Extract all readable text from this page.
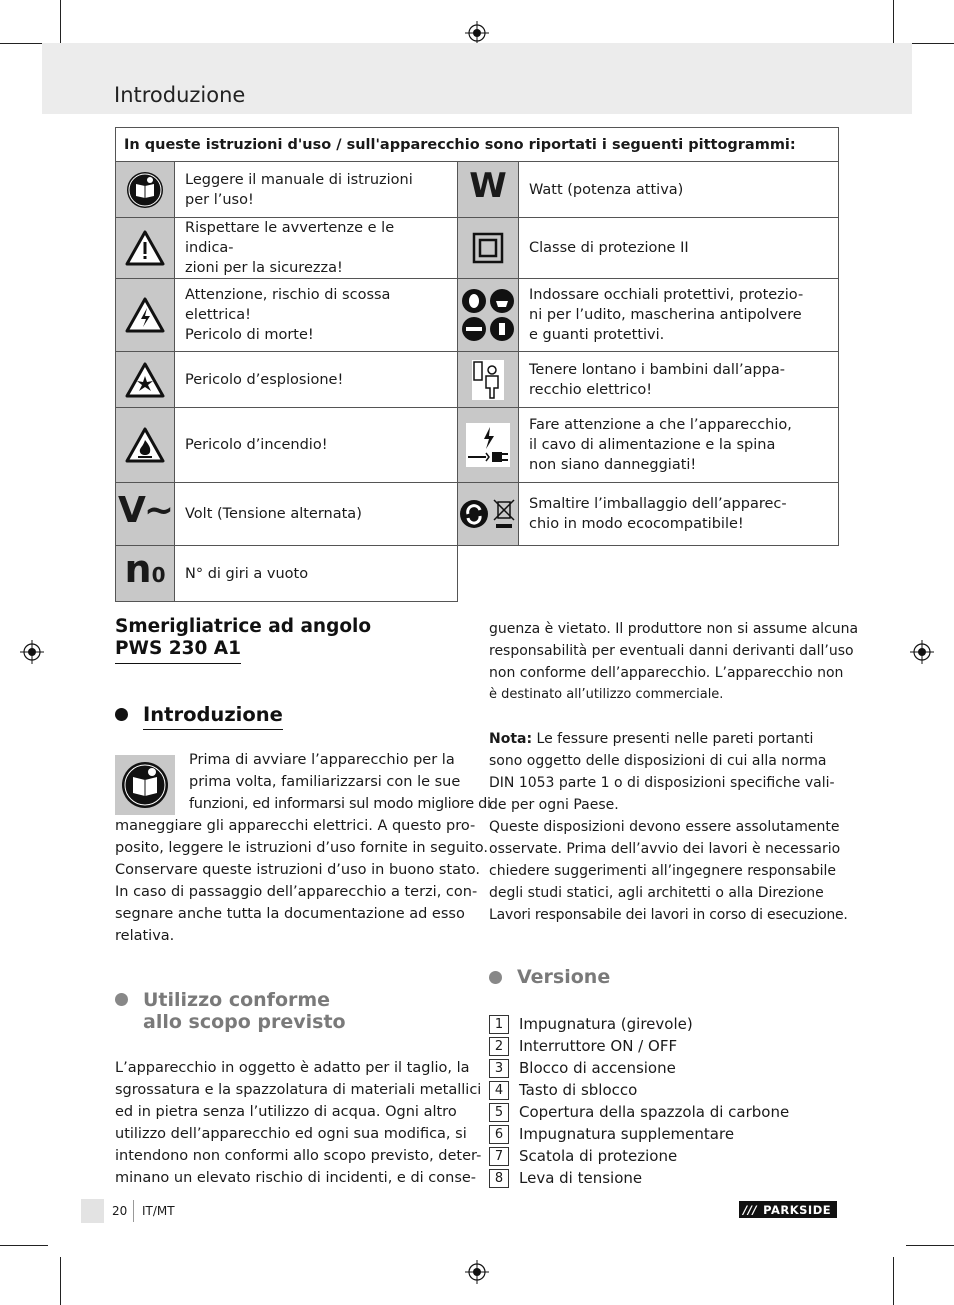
Introduzione
In queste istruzioni d'uso / sull'apparecchio sono riportati i seguenti pittogrammi:			

	Leggere il manuale di istruzioni
per l’uso!	W	Watt (potenza attiva)

	Rispettare le avvertenze e le indica-
zioni per la sicurezza!		Classe di protezione II

	Attenzione, rischio di scossa elettrica!
Pericolo di morte!		Indossare occhiali protettivi, protezio-
ni per l’udito, mascherina antipolvere
e guanti protettivi.

	Pericolo d’esplosione!		Tenere lontano i bambini dall’appa-
recchio elettrico!

	Pericolo d’incendio!		Fare attenzione a che l’apparecchio,
il cavo di alimentazione e la spina
non siano danneggiati!
V~	Volt (Tensione alternata)		Smaltire l’imballaggio dell’apparec-
chio in modo ecocompatibile!
n0	N° di giri a vuoto		
Smerigliatrice ad angolo
PWS 230 A1
Introduzione

Prima di avviare l’apparecchio per la

prima volta, familiarizzarsi con le sue

funzioni, ed informarsi sul modo migliore di

maneggiare gli apparecchi elettrici. A questo pro-

posito, leggere le istruzioni d’uso fornite in seguito.

Conservare queste istruzioni d’uso in buono stato.

In caso di passaggio dell’apparecchio a terzi, con-

segnare anche tutta la documentazione ad esso

relativa.

Utilizzo conforme
allo scopo previsto

L’apparecchio in oggetto è adatto per il taglio, la

sgrossatura e la spazzolatura di materiali metallici

ed in pietra senza l’utilizzo di acqua. Ogni altro

utilizzo dell’apparecchio ed ogni sua modifica, si

intendono non conformi allo scopo previsto, deter-

minano un elevato rischio di incidenti, e di conse-

guenza è vietato. Il produttore non si assume alcuna

responsabilità per eventuali danni derivanti dall’uso

non conforme dell’apparecchio. L’apparecchio non

è destinato all’utilizzo commerciale.

Nota: Le fessure presenti nelle pareti portanti

sono oggetto delle disposizioni di cui alla norma

DIN 1053 parte 1 o di disposizioni specifiche vali-

de per ogni Paese.

Queste disposizioni devono essere assolutamente

osservate. Prima dell’avvio dei lavori è necessario

chiedere suggerimenti all’ingegnere responsabile

degli studi statici, agli architetti o alla Direzione

Lavori responsabile dei lavori in corso di esecuzione.

Versione
1	Impugnatura (girevole)
2	Interruttore ON / OFF
3	Blocco di accensione
4	Tasto di sblocco
5	Copertura della spazzola di carbone
6	Impugnatura supplementare
7	Scatola di protezione
8	Leva di tensione
20 IT/MT	/// PARKSIDE
